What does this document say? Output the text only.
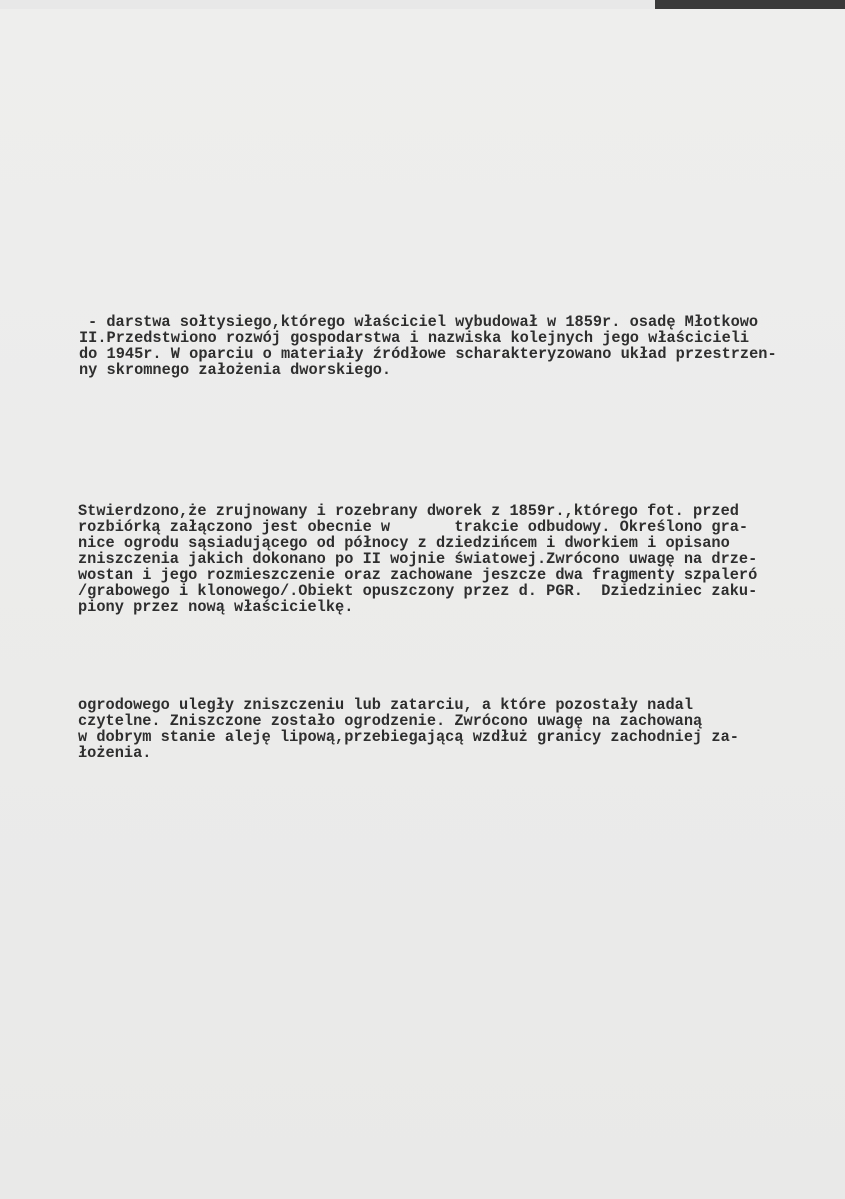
- darstwa sołtysiego,którego właściciel wybudował w 1859r. osadę Młotkowo
II.Przedstwiono rozwój gospodarstwa i nazwiska kolejnych jego właścicieli
do 1945r. W oparciu o materiały źródłowe scharakteryzowano układ przestrzen-
ny skromnego założenia dworskiego.
Stwierdzono,że zrujnowany i rozebrany dworek z 1859r.,którego fot. przed
rozbiórką załączono jest obecnie w       trakcie odbudowy. Określono gra-
nice ogrodu sąsiadującego od północy z dziedzińcem i dworkiem i opisano
zniszczenia jakich dokonano po II wojnie światowej.Zwrócono uwagę na drze-
wostan i jego rozmieszczenie oraz zachowane jeszcze dwa fragmenty szpaleró
/grabowego i klonowego/.Obiekt opuszczony przez d. PGR.  Dziedziniec zaku-
piony przez nową właścicielkę.
ogrodowego uległy zniszczeniu lub zatarciu, a które pozostały nadal
czytelne. Zniszczone zostało ogrodzenie. Zwrócono uwagę na zachowaną
w dobrym stanie aleję lipową,przebiegającą wzdłuż granicy zachodniej za-
łożenia.
